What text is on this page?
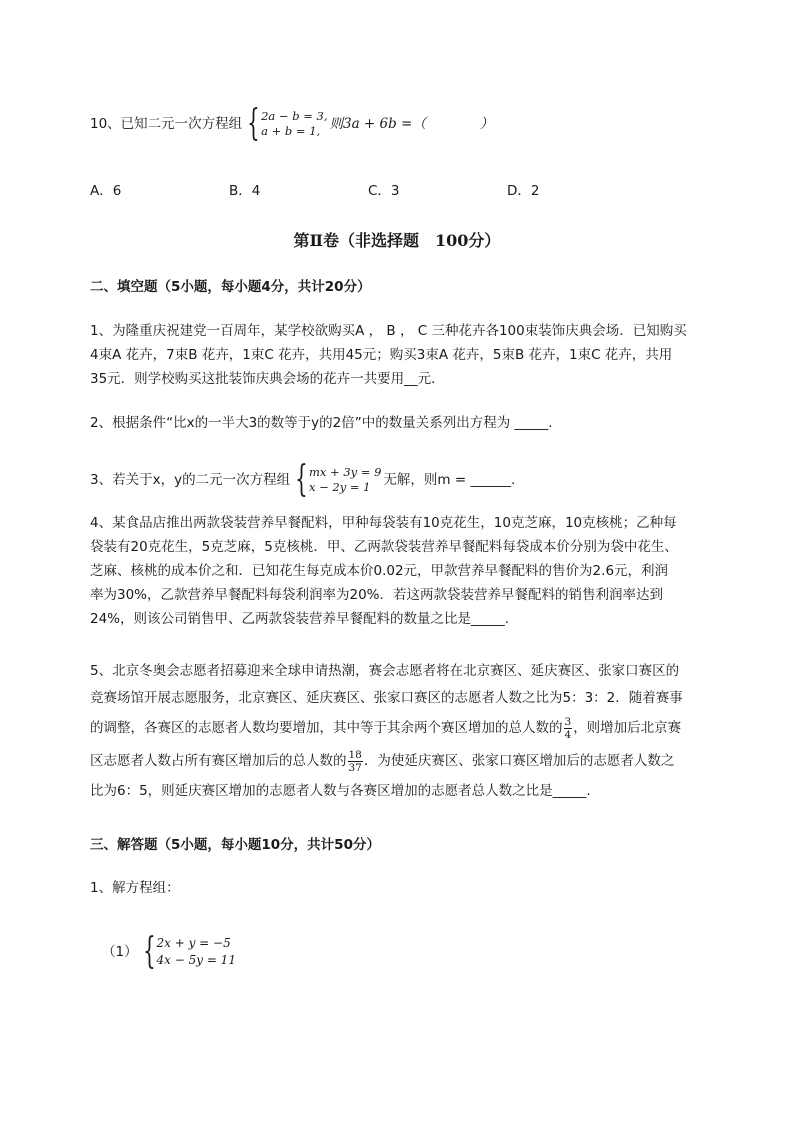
10、已知二元一次方程组 { 2a − b = 3,
a + b = 1, 则3a + 6b =（　　　　）
A．6	B．4	C．3	D．2
第Ⅱ卷（非选择题　100分）
二、填空题（5小题，每小题4分，共计20分）
1、为隆重庆祝建党一百周年，某学校欲购买A ， B ， C 三种花卉各100束装饰庆典会场．已知购买
4束A 花卉，7束B 花卉，1束C 花卉，共用45元；购买3束A 花卉，5束B 花卉，1束C 花卉，共用
35元．则学校购买这批装饰庆典会场的花卉一共要用__元．
2、根据条件“比x的一半大3的数等于y的2倍”中的数量关系列出方程为 _____.
3、若关于x，y的二元一次方程组 { mx + 3y = 9
x − 2y = 1 无解，则m = ______.
4、某食品店推出两款袋装营养早餐配料，甲种每袋装有10克花生，10克芝麻，10克核桃；乙种每
袋装有20克花生，5克芝麻，5克核桃．甲、乙两款袋装营养早餐配料每袋成本价分别为袋中花生、
芝麻、核桃的成本价之和．已知花生每克成本价0.02元，甲款营养早餐配料的售价为2.6元，利润
率为30%，乙款营养早餐配料每袋利润率为20%．若这两款袋装营养早餐配料的销售利润率达到
24%，则该公司销售甲、乙两款袋装营养早餐配料的数量之比是_____.
5、北京冬奥会志愿者招募迎来全球申请热潮，赛会志愿者将在北京赛区、延庆赛区、张家口赛区的
竞赛场馆开展志愿服务，北京赛区、延庆赛区、张家口赛区的志愿者人数之比为5：3：2．随着赛事
的调整，各赛区的志愿者人数均要增加，其中等于其余两个赛区增加的总人数的 $\frac{3}{4}$ ，则增加后北京赛
区志愿者人数占所有赛区增加后的总人数的 $\frac{18}{37}$ ．为使延庆赛区、张家口赛区增加后的志愿者人数之
比为6：5，则延庆赛区增加的志愿者人数与各赛区增加的志愿者总人数之比是_____.
三、解答题（5小题，每小题10分，共计50分）
1、解方程组：
（1） { 2x + y = −5
4x − 5y = 11
